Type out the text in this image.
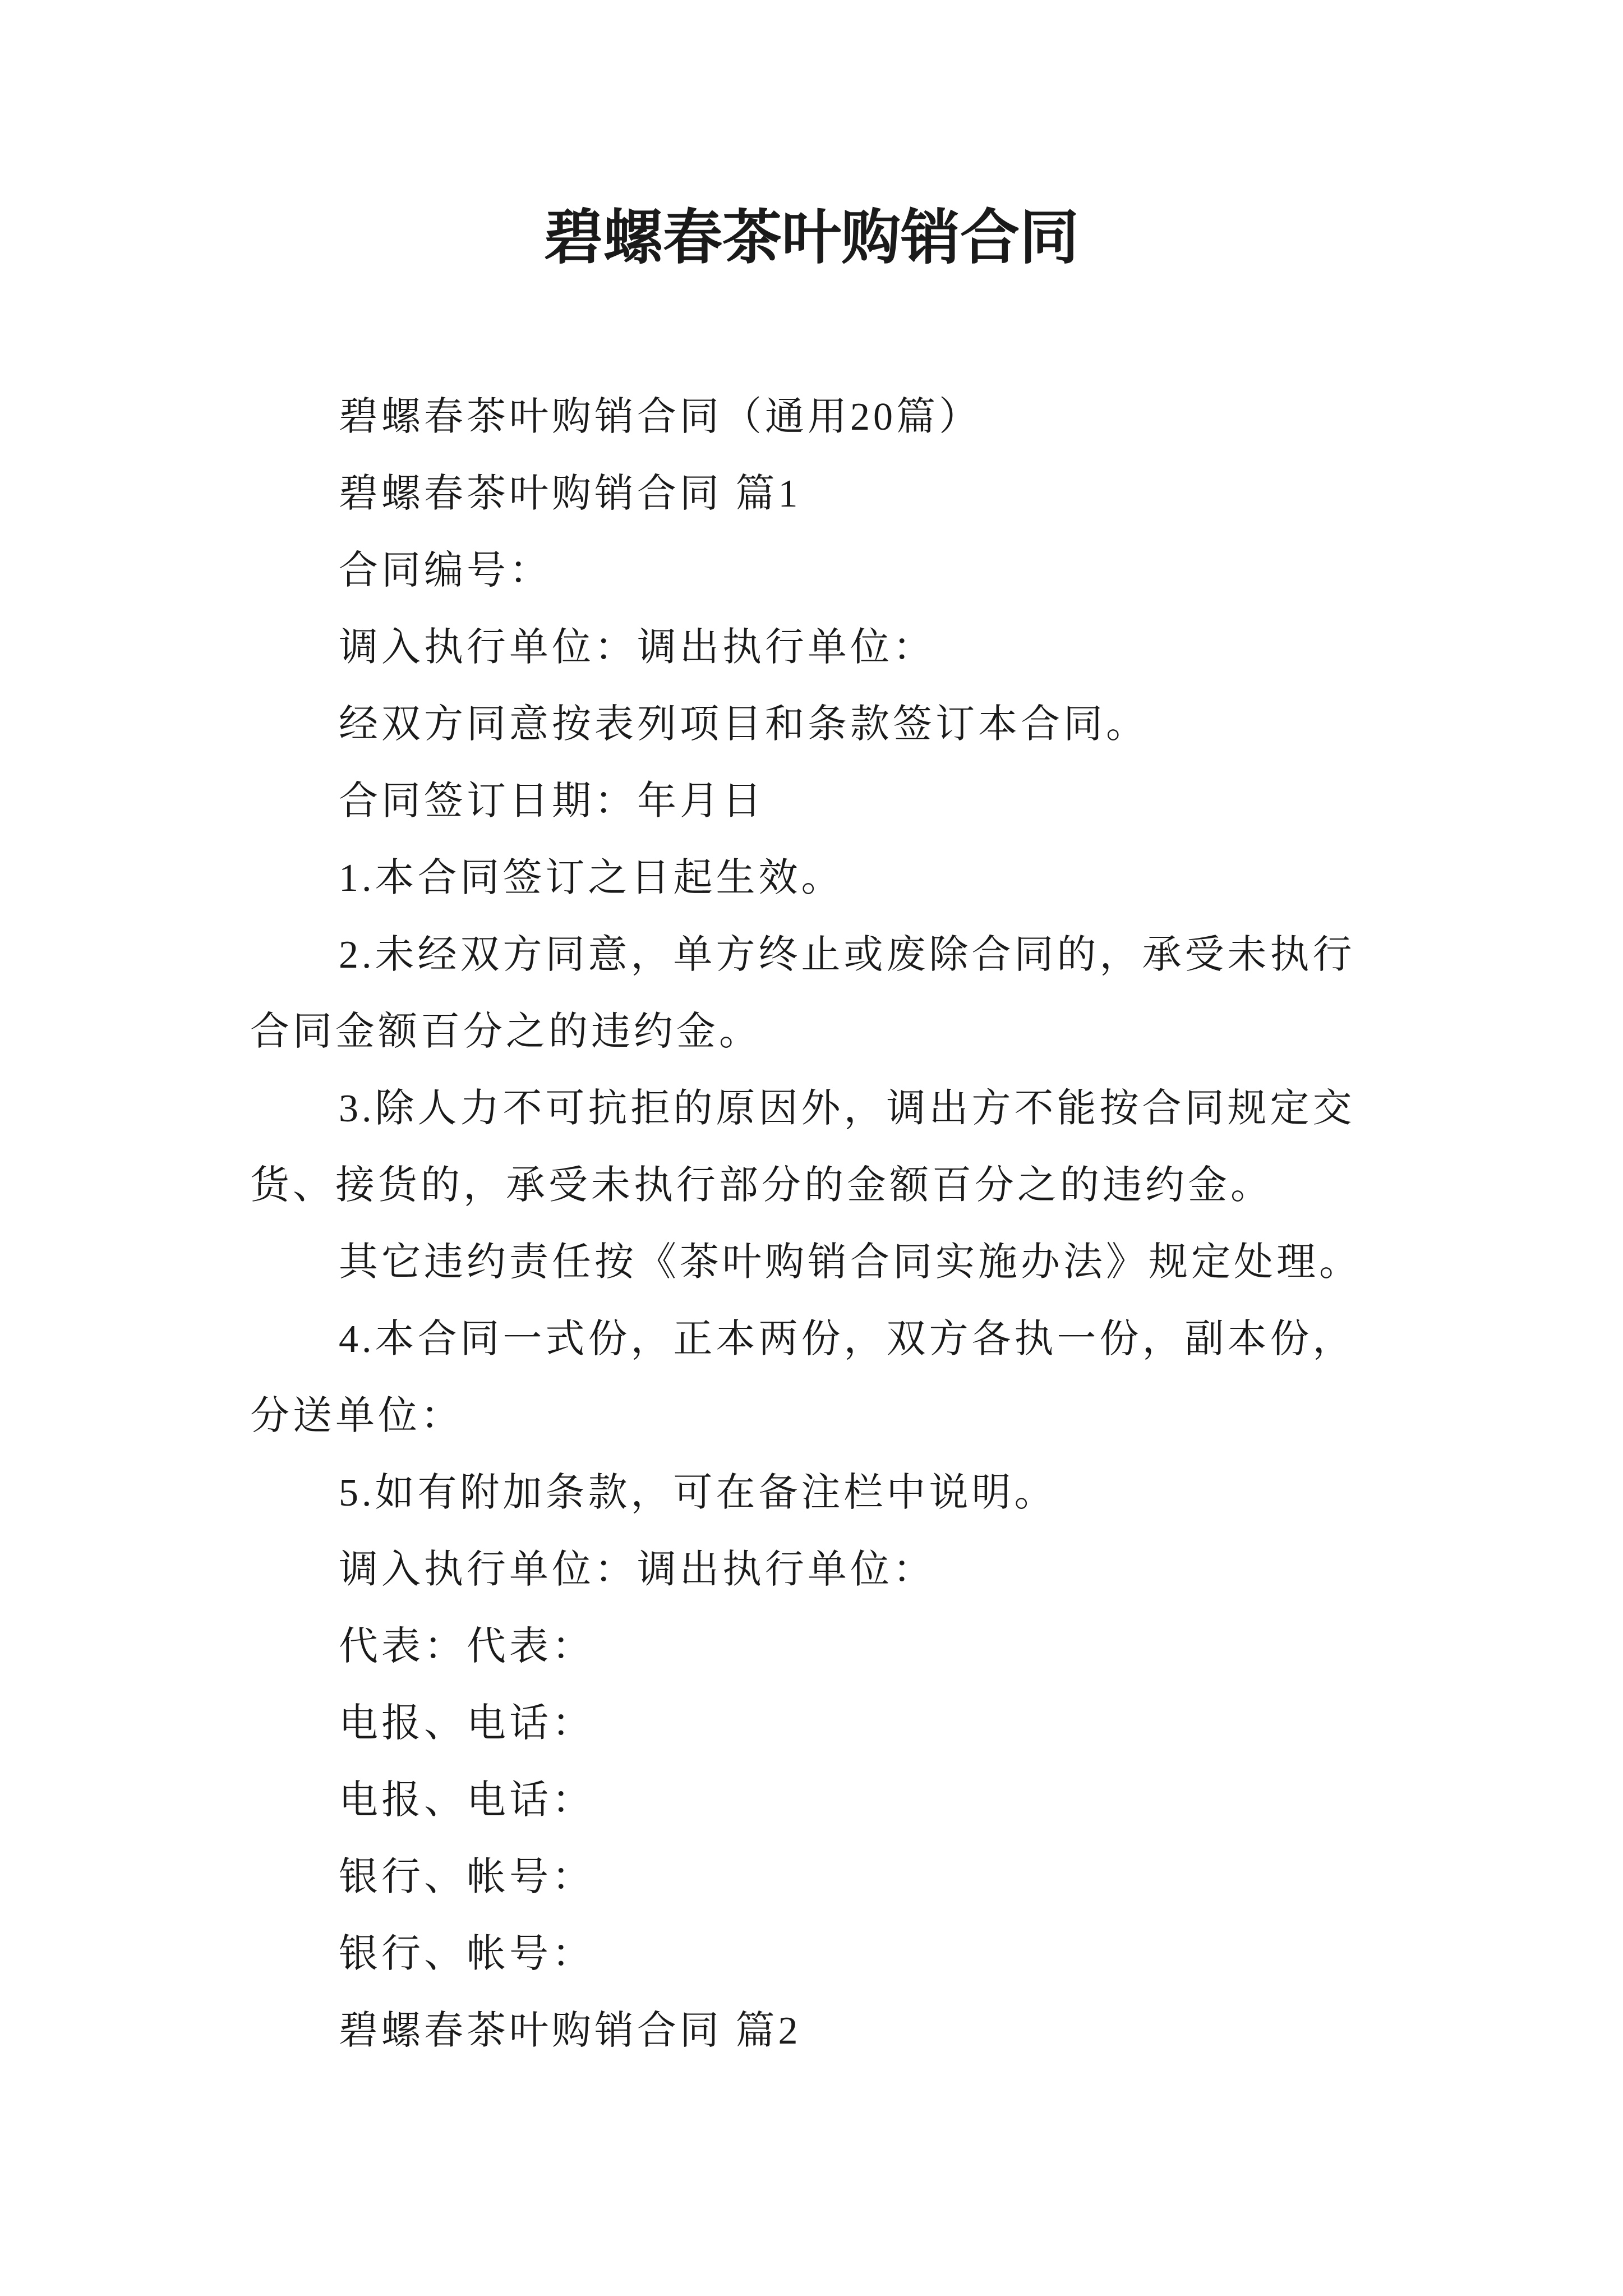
碧螺春茶叶购销合同

碧螺春茶叶购销合同（通用20篇）

碧螺春茶叶购销合同 篇1

合同编号：

调入执行单位：调出执行单位：

经双方同意按表列项目和条款签订本合同。

合同签订日期：年月日

1.本合同签订之日起生效。

2.未经双方同意，单方终止或废除合同的，承受未执行合同金额百分之的违约金。

3.除人力不可抗拒的原因外，调出方不能按合同规定交货、接货的，承受未执行部分的金额百分之的违约金。

其它违约责任按《茶叶购销合同实施办法》规定处理。

4.本合同一式份，正本两份，双方各执一份，副本份，分送单位：

5.如有附加条款，可在备注栏中说明。

调入执行单位：调出执行单位：

代表：代表：

电报、电话：

电报、电话：

银行、帐号：

银行、帐号：

碧螺春茶叶购销合同 篇2
